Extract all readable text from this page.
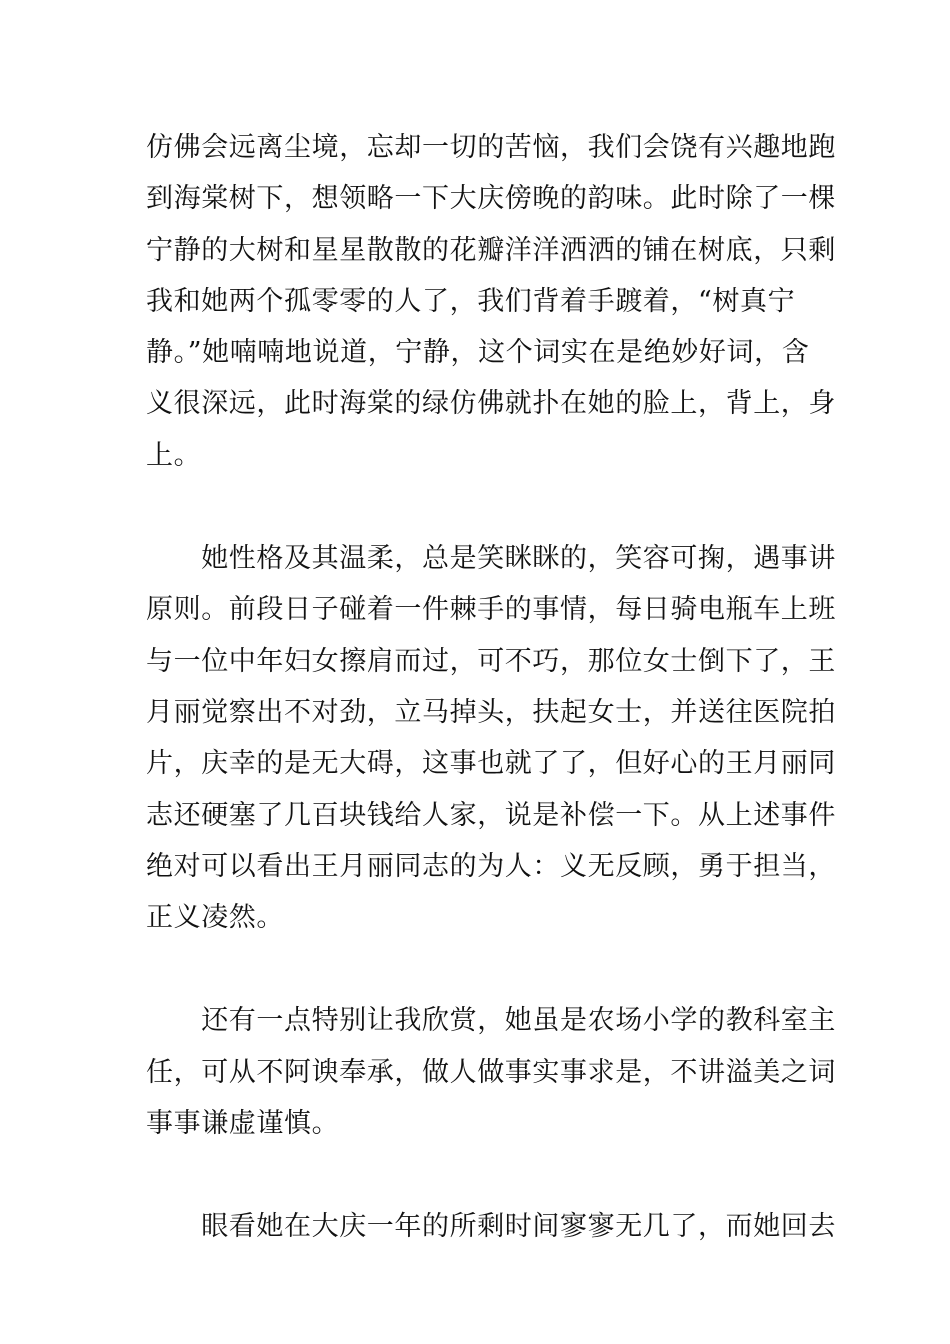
仿佛会远离尘境，忘却一切的苦恼，我们会饶有兴趣地跑
到海棠树下，想领略一下大庆傍晚的韵味。此时除了一棵
宁静的大树和星星散散的花瓣洋洋洒洒的铺在树底，只剩
我和她两个孤零零的人了，我们背着手踱着，“树真宁
静。”她喃喃地说道，宁静，这个词实在是绝妙好词，含
义很深远，此时海棠的绿仿佛就扑在她的脸上，背上，身
上。
　　她性格及其温柔，总是笑眯眯的，笑容可掬，遇事讲
原则。前段日子碰着一件棘手的事情，每日骑电瓶车上班
与一位中年妇女擦肩而过，可不巧，那位女士倒下了，王
月丽觉察出不对劲，立马掉头，扶起女士，并送往医院拍
片，庆幸的是无大碍，这事也就了了，但好心的王月丽同
志还硬塞了几百块钱给人家，说是补偿一下。从上述事件
绝对可以看出王月丽同志的为人：义无反顾，勇于担当，
正义凌然。
　　还有一点特别让我欣赏，她虽是农场小学的教科室主
任，可从不阿谀奉承，做人做事实事求是，不讲溢美之词
事事谦虚谨慎。
　　眼看她在大庆一年的所剩时间寥寥无几了，而她回去
